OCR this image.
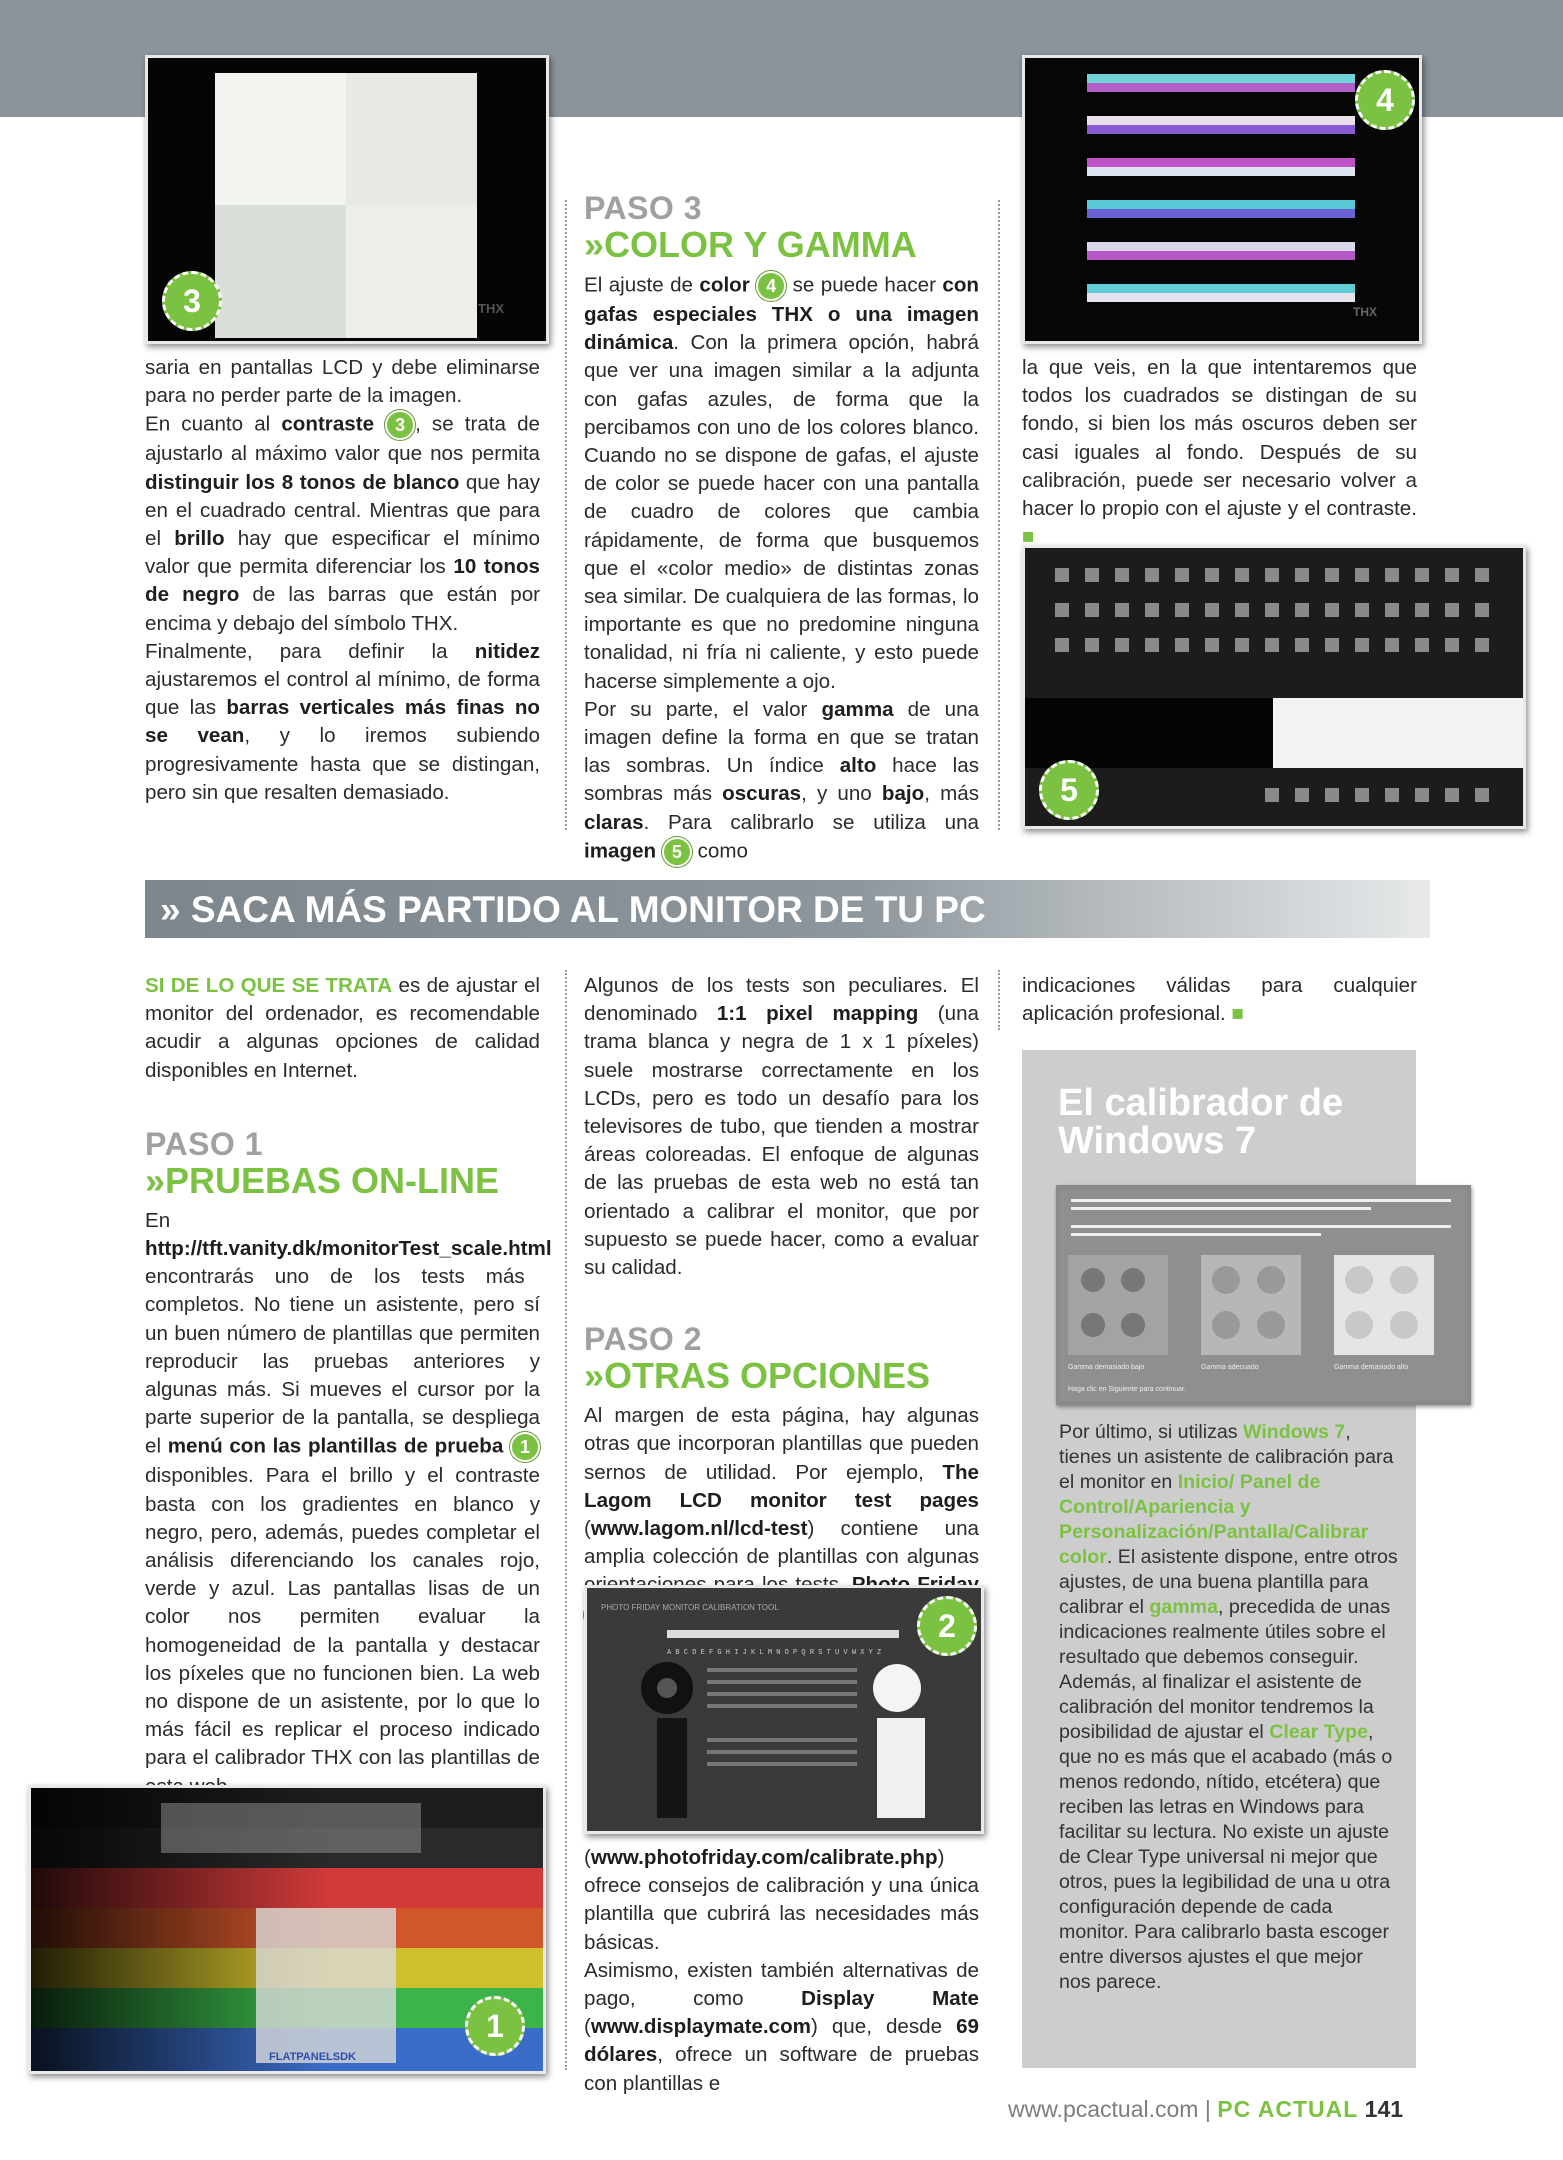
THX
3	THX
4
5

saria en pantallas LCD y debe eliminarse para no perder parte de la imagen.

En cuanto al contraste 3 , se trata de ajustarlo al máximo valor que nos permita distinguir los 8 tonos de blanco que hay en el cuadrado central. Mientras que para el brillo hay que especificar el mínimo valor que permita diferenciar los 10 tonos de negro de las barras que están por encima y debajo del símbolo THX.

Finalmente, para definir la nitidez ajustaremos el control al mínimo, de forma que las barras verticales más finas no se vean, y lo iremos subiendo progresivamente hasta que se distingan, pero sin que resalten demasiado.

PASO 3
»COLOR Y GAMMA

El ajuste de color 4 se puede hacer con gafas especiales THX o una imagen dinámica. Con la primera opción, habrá que ver una imagen similar a la adjunta con gafas azules, de forma que la percibamos con uno de los colores blanco. Cuando no se dispone de gafas, el ajuste de color se puede hacer con una pantalla de cuadro de colores que cambia rápidamente, de forma que busquemos que el «color medio» de distintas zonas sea similar. De cualquiera de las formas, lo importante es que no predomine ninguna tonalidad, ni fría ni caliente, y esto puede hacerse simplemente a ojo.

Por su parte, el valor gamma de una imagen define la forma en que se tratan las sombras. Un índice alto hace las sombras más oscuras, y uno bajo, más claras. Para calibrarlo se utiliza una imagen 5 como

la que veis, en la que intentaremos que todos los cuadrados se distingan de su fondo, si bien los más oscuros deben ser casi iguales al fondo. Después de su calibración, puede ser necesario volver a hacer lo propio con el ajuste y el contraste. ■

» SACA MÁS PARTIDO AL MONITOR DE TU PC

SI DE LO QUE SE TRATA es de ajustar el monitor del ordenador, es recomendable acudir a algunas opciones de calidad disponibles en Internet.

PASO 1
»PRUEBAS ON-LINE

En http://tft.vanity.dk/monitorTest_scale.html encontrarás uno de los tests más completos. No tiene un asistente, pero sí un buen número de plantillas que permiten reproducir las pruebas anteriores y algunas más. Si mueves el cursor por la parte superior de la pantalla, se despliega el menú con las plantillas de prueba 1 disponibles. Para el brillo y el contraste basta con los gradientes en blanco y negro, pero, además, puedes completar el análisis diferenciando los canales rojo, verde y azul. Las pantallas lisas de un color nos permiten evaluar la homogeneidad de la pantalla y destacar los píxeles que no funcionen bien. La web no dispone de un asistente, por lo que lo más fácil es replicar el proceso indicado para el calibrador THX con las plantillas de

FLATPANELSDK
1

Algunos de los tests son peculiares. El denominado 1:1 pixel mapping (una trama blanca y negra de 1 x 1 píxeles) suele mostrarse correctamente en los LCDs, pero es todo un desafío para los televisores de tubo, que tienden a mostrar áreas coloreadas. El enfoque de algunas de las pruebas de esta web no está tan orientado a calibrar el monitor, que por supuesto se puede hacer, como a evaluar su calidad.

PASO 2
»OTRAS OPCIONES

Al margen de esta página, hay algunas otras que incorporan plantillas que pueden sernos de utilidad. Por ejemplo, The Lagom LCD monitor test pages (www.lagom.nl/lcd-test) contiene una amplia colección de plantillas con algunas

PHOTO FRIDAY MONITOR CALIBRATION TOOL
A B C D E F G H I J K L M N O P Q R S T U V W X Y Z
2

(www.photofriday.com/calibrate.php) ofrece consejos de calibración y una única plantilla que cubrirá las necesidades más básicas.

Asimismo, existen también alternativas de pago, como Display Mate (www.displaymate.com) que, desde 69 dólares, ofrece un software de pruebas con plantillas e

indicaciones válidas para cualquier aplicación profesional. ■

El calibrador de Windows 7
Gamma demasiado bajo	Gamma adecuado	Gamma demasiado alto
Haga clic en Siguiente para continuar.
Por último, si utilizas Windows 7, tienes un asistente de calibración para el monitor en Inicio/ Panel de Control/Apariencia y Personalización/Pantalla/Calibrar color. El asistente dispone, entre otros ajustes, de una buena plantilla para calibrar el gamma, precedida de unas indicaciones realmente útiles sobre el resultado que debemos conseguir. Además, al finalizar el asistente de calibración del monitor tendremos la posibilidad de ajustar el Clear Type, que no es más que el acabado (más o menos redondo, nítido, etcétera) que reciben las letras en Windows para facilitar su lectura. No existe un ajuste de Clear Type universal ni mejor que otros, pues la legibilidad de una u otra configuración depende de cada monitor. Para calibrarlo basta escoger entre diversos ajustes el que mejor nos parece.
www.pcactual.com | PC ACTUAL 141
